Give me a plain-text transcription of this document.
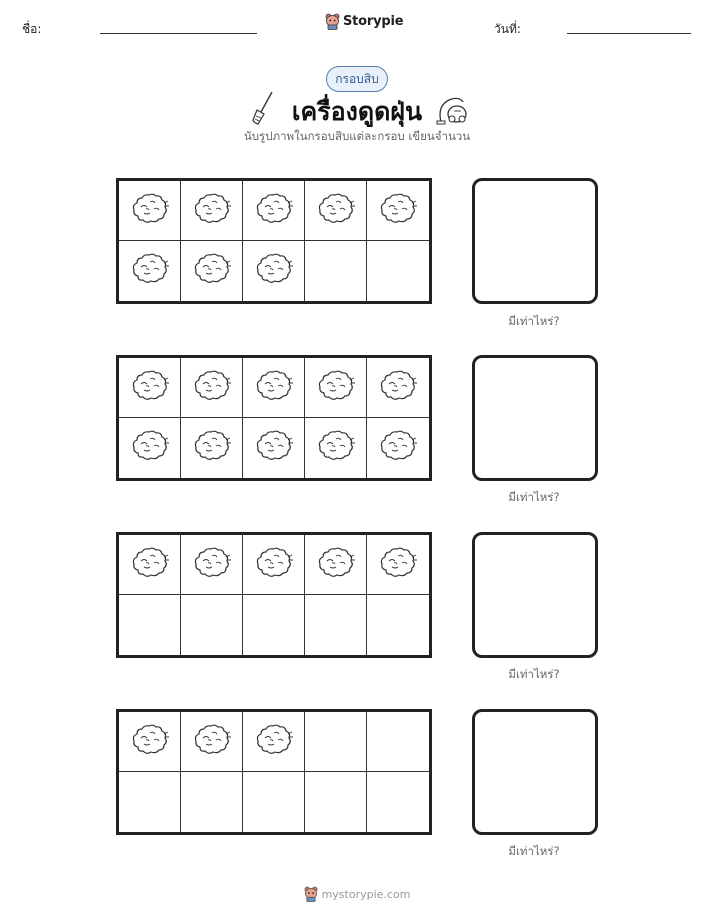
ชื่อ:	Storypie	วันที่:
กรอบสิบ
เครื่องดูดฝุ่น
นับรูปภาพในกรอบสิบแต่ละกรอบ เขียนจำนวน
มีเท่าไหร่?
มีเท่าไหร่?
มีเท่าไหร่?
มีเท่าไหร่?
mystorypie.com
